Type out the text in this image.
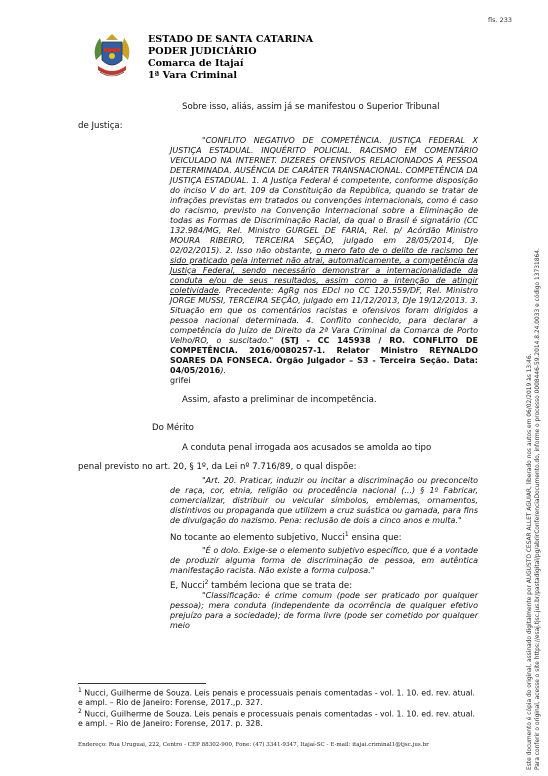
fls. 233
ESTADO DE SANTA CATARINA
PODER JUDICIÁRIO
Comarca de Itajaí
1ª Vara Criminal

Sobre isso, aliás, assim já se manifestou o Superior Tribunal

de Justiça:

"CONFLITO NEGATIVO DE COMPETÊNCIA. JUSTIÇA FEDERAL X JUSTIÇA ESTADUAL. INQUÉRITO POLICIAL. RACISMO EM COMENTÁRIO VEICULADO NA INTERNET. DIZERES OFENSIVOS RELACIONADOS A PESSOA DETERMINADA. AUSÊNCIA DE CARÁTER TRANSNACIONAL. COMPETÊNCIA DA JUSTIÇA ESTADUAL. 1. A Justiça Federal é competente, conforme disposição do inciso V do art. 109 da Constituição da República, quando se tratar de infrações previstas em tratados ou convenções internacionais, como é caso do racismo, previsto na Convenção Internacional sobre a Eliminação de todas as Formas de Discriminação Racial, da qual o Brasil é signatário (CC 132.984/MG, Rel. Ministro GURGEL DE FARIA, Rel. p/ Acórdão Ministro MOURA RIBEIRO, TERCEIRA SEÇÃO, julgado em 28/05/2014, DJe 02/02/2015). 2. Isso não obstante, o mero fato de o delito de racismo ter sido praticado pela internet não atrai, automaticamente, a competência da Justiça Federal, sendo necessário demonstrar a internacionalidade da conduta e/ou de seus resultados, assim como a intenção de atingir coletividade. Precedente: AgRg nos EDcl no CC 120.559/DF, Rel. Ministro JORGE MUSSI, TERCEIRA SEÇÃO, julgado em 11/12/2013, DJe 19/12/2013. 3. Situação em que os comentários racistas e ofensivos foram dirigidos a pessoa nacional determinada. 4. Conflito conhecido, para declarar a competência do Juízo de Direito da 2ª Vara Criminal da Comarca de Porto Velho/RO, o suscitado." (STJ - CC 145938 / RO. CONFLITO DE COMPETÊNCIA. 2016/0080257-1. Relator Ministro REYNALDO SOARES DA FONSECA. Órgão Julgador – S3 - Terceira Seção. Data: 04/05/2016).

grifei

Assim, afasto a preliminar de incompetência.

Do Mérito

A conduta penal irrogada aos acusados se amolda ao tipo

penal previsto no art. 20, § 1º, da Lei nº 7.716/89, o qual dispõe:

"Art. 20. Praticar, induzir ou incitar a discriminação ou preconceito de raça, cor, etnia, religião ou procedência nacional (...) § 1º Fabricar, comercializar, distribuir ou veicular símbolos, emblemas, ornamentos, distintivos ou propaganda que utilizem a cruz suástica ou gamada, para fins de divulgação do nazismo. Pena: reclusão de dois a cinco anos e multa."

No tocante ao elemento subjetivo, Nucci$^1$ ensina que:

"É o dolo. Exige-se o elemento subjetivo específico, que é a vontade de produzir alguma forma de discriminação de pessoa, em autêntica manifestação racista. Não existe a forma culposa."

E, Nucci$^2$ também leciona que se trata de:

"Classificação: é crime comum (pode ser praticado por qualquer pessoa); mera conduta (independente da ocorrência de qualquer efetivo prejuízo para a sociedade); de forma livre (pode ser cometido por qualquer meio

$^1$ Nucci, Guilherme de Souza. Leis penais e processuais penais comentadas - vol. 1. 10. ed. rev. atual. e ampl. – Rio de Janeiro: Forense, 2017.,p. 327.
$^2$ Nucci, Guilherme de Souza. Leis penais e processuais penais comentadas - vol. 1. 10. ed. rev. atual. e ampl. – Rio de Janeiro: Forense, 2017. p. 328.
Endereço: Rua Uruguai, 222, Centro - CEP 88302-900, Fone: (47) 3341-9347, Itajaí-SC - E-mail: itajai.criminal1@tjsc.jus.br	Este documento é cópia do original, assinado digitalmente por AUGUSTO CESAR ALLET AGUIAR, liberado nos autos em 06/02/2019 às 13:46. Para conferir o original, acesse o site https://esaj.tjsc.jus.br/pastadigital/pg/abrirConferenciaDocumento.do, informe o processo 0008446-59.2014.8.24.0033 e código 13731864.
